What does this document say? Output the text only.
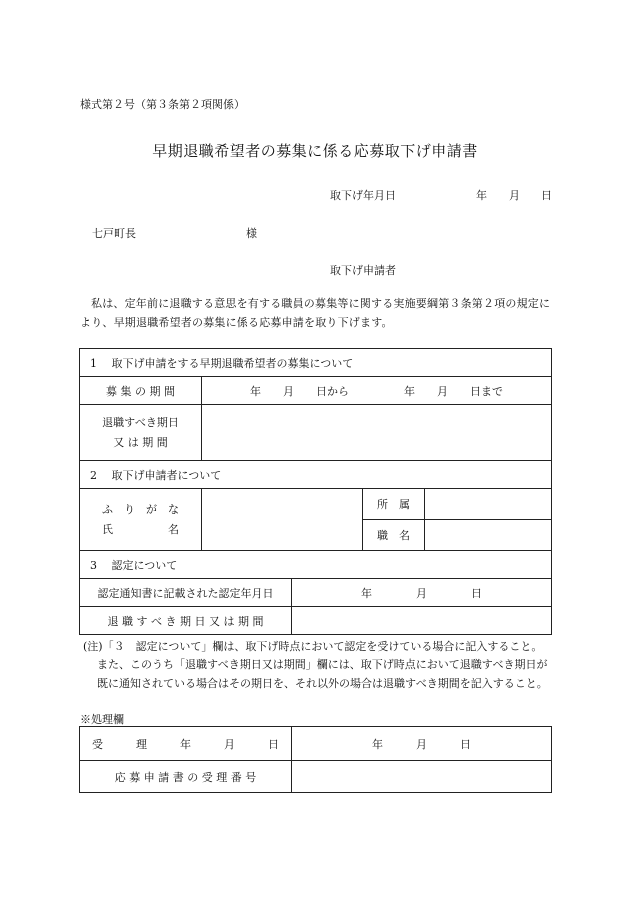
様式第２号（第３条第２項関係）
早期退職希望者の募集に係る応募取下げ申請書
取下げ年月日	年 月 日
七戸町長	様
取下げ申請者
私は、定年前に退職する意思を有する職員の募集等に関する実施要綱第３条第２項の規定により、早期退職希望者の募集に係る応募申請を取り下げます。
1　 取下げ申請をする早期退職希望者の募集について				
募 集 の 期 間	年　　月　　日から　　　　　年　　月　　日まで			

退職すべき期日
又 は 期 間				

2　 取下げ申請者について				

ふ　り　が　な
氏　　　　　名			所　属	
			職　名	
3　 認定について				
認定通知書に記載された認定年月日		年　　　　月　　　　日		
退 職 す べ き 期 日 又 は 期 間				
(注)「３　認定について」欄は、取下げ時点において認定を受けている場合に記入すること。
また、このうち「退職すべき期日又は期間」欄には、取下げ時点において退職すべき期日が
既に通知されている場合はその期日を、それ以外の場合は退職すべき期間を記入すること。
※処理欄
受　　　理　　　年　　　月　　　日	年　　　月　　　日
応 募 申 請 書 の 受 理 番 号	
